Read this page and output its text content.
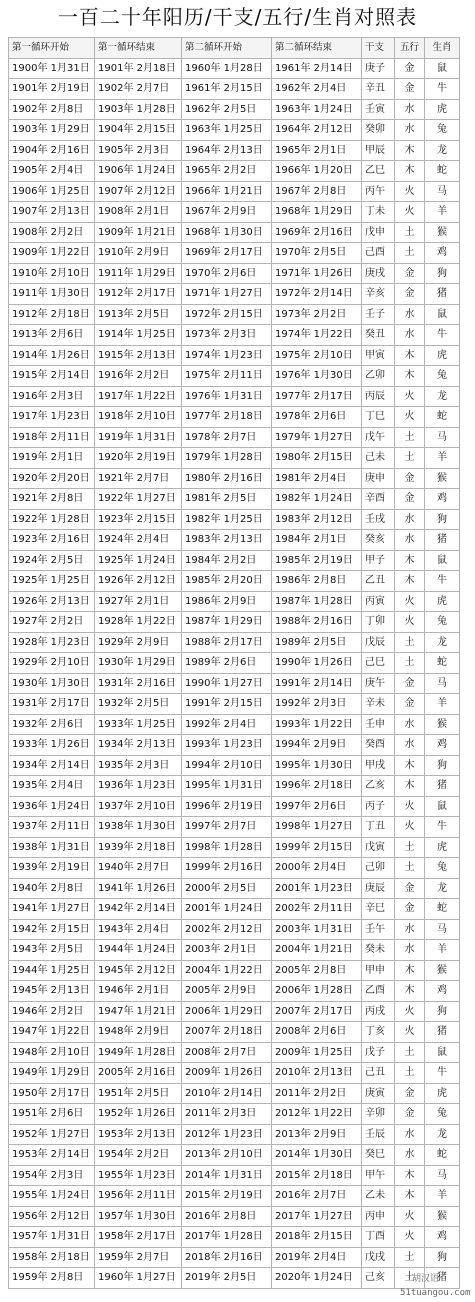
一百二十年阳历/干支/五行/生肖对照表
第一循环开始	第一循环结束	第二循环开始	第二循环结束	干支	五行	生肖
1900年 1月31日	1901年 2月18日	1960年 1月28日	1961年 2月14日	庚子	金	鼠
1901年 2月19日	1902年 2月7日	1961年 2月15日	1962年 2月4日	辛丑	金	牛
1902年 2月8日	1903年 1月28日	1962年 2月5日	1963年 1月24日	壬寅	水	虎
1903年 1月29日	1904年 2月15日	1963年 1月25日	1964年 2月12日	癸卯	水	兔
1904年 2月16日	1905年 2月3日	1964年 2月13日	1965年 2月1日	甲辰	木	龙
1905年 2月4日	1906年 1月24日	1965年 2月2日	1966年 1月20日	乙巳	木	蛇
1906年 1月25日	1907年 2月12日	1966年 1月21日	1967年 2月8日	丙午	火	马
1907年 2月13日	1908年 2月1日	1967年 2月9日	1968年 1月29日	丁未	火	羊
1908年 2月2日	1909年 1月21日	1968年 1月30日	1969年 2月16日	戊申	土	猴
1909年 1月22日	1910年 2月9日	1969年 2月17日	1970年 2月5日	己酉	土	鸡
1910年 2月10日	1911年 1月29日	1970年 2月6日	1971年 1月26日	庚戌	金	狗
1911年 1月30日	1912年 2月17日	1971年 1月27日	1972年 2月14日	辛亥	金	猪
1912年 2月18日	1913年 2月5日	1972年 2月15日	1973年 2月2日	壬子	水	鼠
1913年 2月6日	1914年 1月25日	1973年 2月3日	1974年 1月22日	癸丑	水	牛
1914年 1月26日	1915年 2月13日	1974年 1月23日	1975年 2月10日	甲寅	木	虎
1915年 2月14日	1916年 2月2日	1975年 2月11日	1976年 1月30日	乙卯	木	兔
1916年 2月3日	1917年 1月22日	1976年 1月31日	1977年 2月17日	丙辰	火	龙
1917年 1月23日	1918年 2月10日	1977年 2月18日	1978年 2月6日	丁巳	火	蛇
1918年 2月11日	1919年 1月31日	1978年 2月7日	1979年 1月27日	戊午	土	马
1919年 2月1日	1920年 2月19日	1979年 1月28日	1980年 2月15日	己未	土	羊
1920年 2月20日	1921年 2月7日	1980年 2月16日	1981年 2月4日	庚申	金	猴
1921年 2月8日	1922年 1月27日	1981年 2月5日	1982年 1月24日	辛酉	金	鸡
1922年 1月28日	1923年 2月15日	1982年 1月25日	1983年 2月12日	壬戌	水	狗
1923年 2月16日	1924年 2月4日	1983年 2月13日	1984年 2月1日	癸亥	水	猪
1924年 2月5日	1925年 1月24日	1984年 2月2日	1985年 2月19日	甲子	木	鼠
1925年 1月25日	1926年 2月12日	1985年 2月20日	1986年 2月8日	乙丑	木	牛
1926年 2月13日	1927年 2月1日	1986年 2月9日	1987年 1月28日	丙寅	火	虎
1927年 2月2日	1928年 1月22日	1987年 1月29日	1988年 2月16日	丁卯	火	兔
1928年 1月23日	1929年 2月9日	1988年 2月17日	1989年 2月5日	戊辰	土	龙
1929年 2月10日	1930年 1月29日	1989年 2月6日	1990年 1月26日	己巳	土	蛇
1930年 1月30日	1931年 2月16日	1990年 1月27日	1991年 2月14日	庚午	金	马
1931年 2月17日	1932年 2月5日	1991年 2月15日	1992年 2月3日	辛未	金	羊
1932年 2月6日	1933年 1月25日	1992年 2月4日	1993年 1月22日	壬申	水	猴
1933年 1月26日	1934年 2月13日	1993年 1月23日	1994年 2月9日	癸酉	水	鸡
1934年 2月14日	1935年 2月3日	1994年 2月10日	1995年 1月30日	甲戌	木	狗
1935年 2月4日	1936年 1月23日	1995年 1月31日	1996年 2月18日	乙亥	木	猪
1936年 1月24日	1937年 2月10日	1996年 2月19日	1997年 2月6日	丙子	火	鼠
1937年 2月11日	1938年 1月30日	1997年 2月7日	1998年 1月27日	丁丑	火	牛
1938年 1月31日	1939年 2月18日	1998年 1月28日	1999年 2月15日	戊寅	土	虎
1939年 2月19日	1940年 2月7日	1999年 2月16日	2000年 2月4日	己卯	土	兔
1940年 2月8日	1941年 1月26日	2000年 2月5日	2001年 1月23日	庚辰	金	龙
1941年 1月27日	1942年 2月14日	2001年 1月24日	2002年 2月11日	辛巳	金	蛇
1942年 2月15日	1943年 2月4日	2002年 2月12日	2003年 1月31日	壬午	水	马
1943年 2月5日	1944年 1月24日	2003年 2月1日	2004年 1月21日	癸未	水	羊
1944年 1月25日	1945年 2月12日	2004年 1月22日	2005年 2月8日	甲申	木	猴
1945年 2月13日	1946年 2月1日	2005年 2月9日	2006年 1月28日	乙酉	木	鸡
1946年 2月2日	1947年 1月21日	2006年 1月29日	2007年 2月17日	丙戌	火	狗
1947年 1月22日	1948年 2月9日	2007年 2月18日	2008年 2月6日	丁亥	火	猪
1948年 2月10日	1949年 1月28日	2008年 2月7日	2009年 1月25日	戊子	土	鼠
1949年 1月29日	2005年 2月16日	2009年 1月26日	2010年 2月13日	己丑	土	牛
1950年 2月17日	1951年 2月5日	2010年 2月14日	2011年 2月2日	庚寅	金	虎
1951年 2月6日	1952年 1月26日	2011年 2月3日	2012年 1月22日	辛卯	金	兔
1952年 1月27日	1953年 2月13日	2012年 1月23日	2013年 2月9日	壬辰	水	龙
1953年 2月14日	1954年 2月2日	2013年 2月10日	2014年 1月30日	癸巳	水	蛇
1954年 2月3日	1955年 1月23日	2014年 1月31日	2015年 2月18日	甲午	木	马
1955年 1月24日	1956年 2月11日	2015年 2月19日	2016年 2月7日	乙未	木	羊
1956年 2月12日	1957年 1月30日	2016年 2月8日	2017年 1月27日	丙申	火	猴
1957年 1月31日	1958年 2月17日	2017年 1月28日	2018年 2月15日	丁酉	火	鸡
1958年 2月18日	1959年 2月7日	2018年 2月16日	2019年 2月4日	戊戌	土	狗
1959年 2月8日	1960年 1月27日	2019年 2月5日	2020年 1月24日	己亥	土	猪
胡汉语
51tuangou.com
